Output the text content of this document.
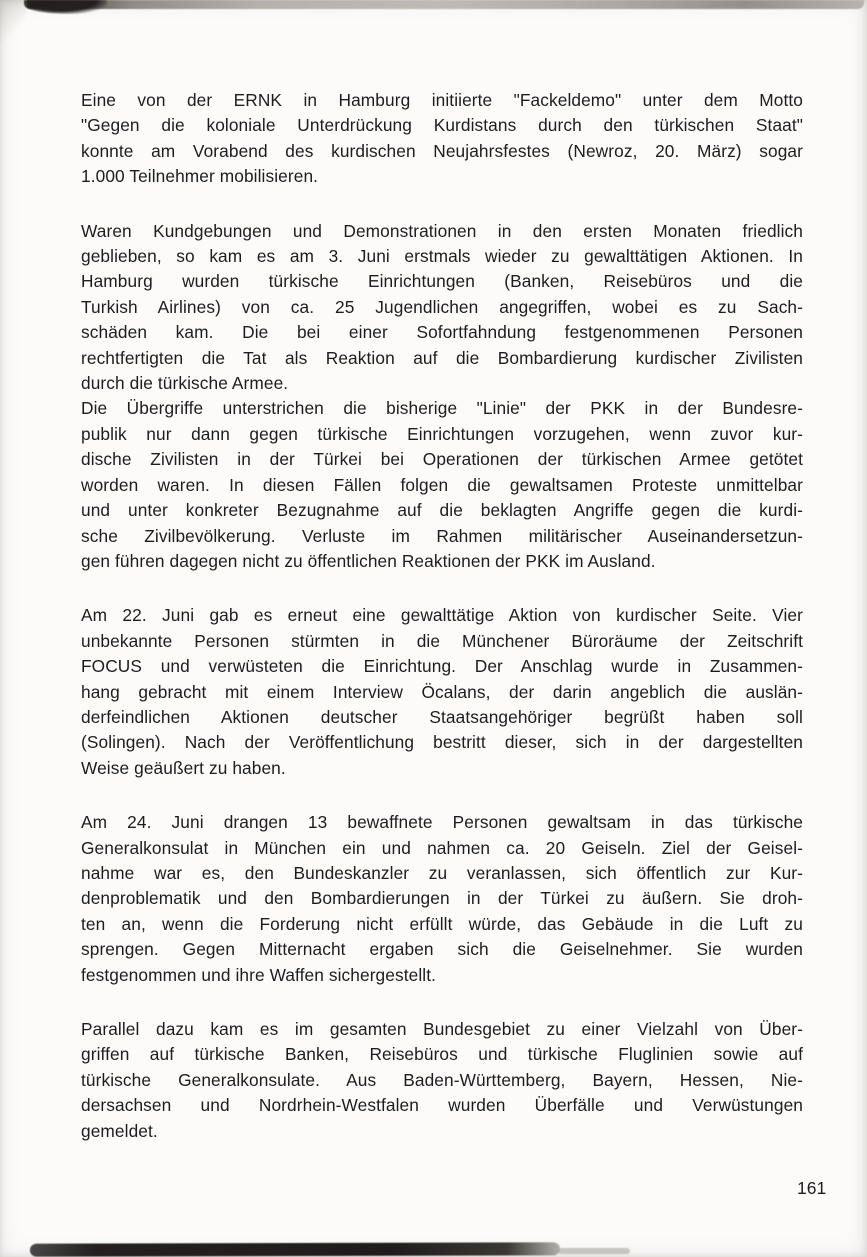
Eine von der ERNK in Hamburg initiierte "Fackeldemo" unter dem Motto
"Gegen die koloniale Unterdrückung Kurdistans durch den türkischen Staat"
konnte am Vorabend des kurdischen Neujahrsfestes (Newroz, 20. März) sogar
1.000 Teilnehmer mobilisieren.
Waren Kundgebungen und Demonstrationen in den ersten Monaten friedlich
geblieben, so kam es am 3. Juni erstmals wieder zu gewalttätigen Aktionen. In
Hamburg wurden türkische Einrichtungen (Banken, Reisebüros und die
Turkish Airlines) von ca. 25 Jugendlichen angegriffen, wobei es zu Sach-
schäden kam. Die bei einer Sofortfahndung festgenommenen Personen
rechtfertigten die Tat als Reaktion auf die Bombardierung kurdischer Zivilisten
durch die türkische Armee.
Die Übergriffe unterstrichen die bisherige "Linie" der PKK in der Bundesre-
publik nur dann gegen türkische Einrichtungen vorzugehen, wenn zuvor kur-
dische Zivilisten in der Türkei bei Operationen der türkischen Armee getötet
worden waren. In diesen Fällen folgen die gewaltsamen Proteste unmittelbar
und unter konkreter Bezugnahme auf die beklagten Angriffe gegen die kurdi-
sche Zivilbevölkerung. Verluste im Rahmen militärischer Auseinandersetzun-
gen führen dagegen nicht zu öffentlichen Reaktionen der PKK im Ausland.
Am 22. Juni gab es erneut eine gewalttätige Aktion von kurdischer Seite. Vier
unbekannte Personen stürmten in die Münchener Büroräume der Zeitschrift
FOCUS und verwüsteten die Einrichtung. Der Anschlag wurde in Zusammen-
hang gebracht mit einem Interview Öcalans, der darin angeblich die auslän-
derfeindlichen Aktionen deutscher Staatsangehöriger begrüßt haben soll
(Solingen). Nach der Veröffentlichung bestritt dieser, sich in der dargestellten
Weise geäußert zu haben.
Am 24. Juni drangen 13 bewaffnete Personen gewaltsam in das türkische
Generalkonsulat in München ein und nahmen ca. 20 Geiseln. Ziel der Geisel-
nahme war es, den Bundeskanzler zu veranlassen, sich öffentlich zur Kur-
denproblematik und den Bombardierungen in der Türkei zu äußern. Sie droh-
ten an, wenn die Forderung nicht erfüllt würde, das Gebäude in die Luft zu
sprengen. Gegen Mitternacht ergaben sich die Geiselnehmer. Sie wurden
festgenommen und ihre Waffen sichergestellt.
Parallel dazu kam es im gesamten Bundesgebiet zu einer Vielzahl von Über-
griffen auf türkische Banken, Reisebüros und türkische Fluglinien sowie auf
türkische Generalkonsulate. Aus Baden-Württemberg, Bayern, Hessen, Nie-
dersachsen und Nordrhein-Westfalen wurden Überfälle und Verwüstungen
gemeldet.
161
